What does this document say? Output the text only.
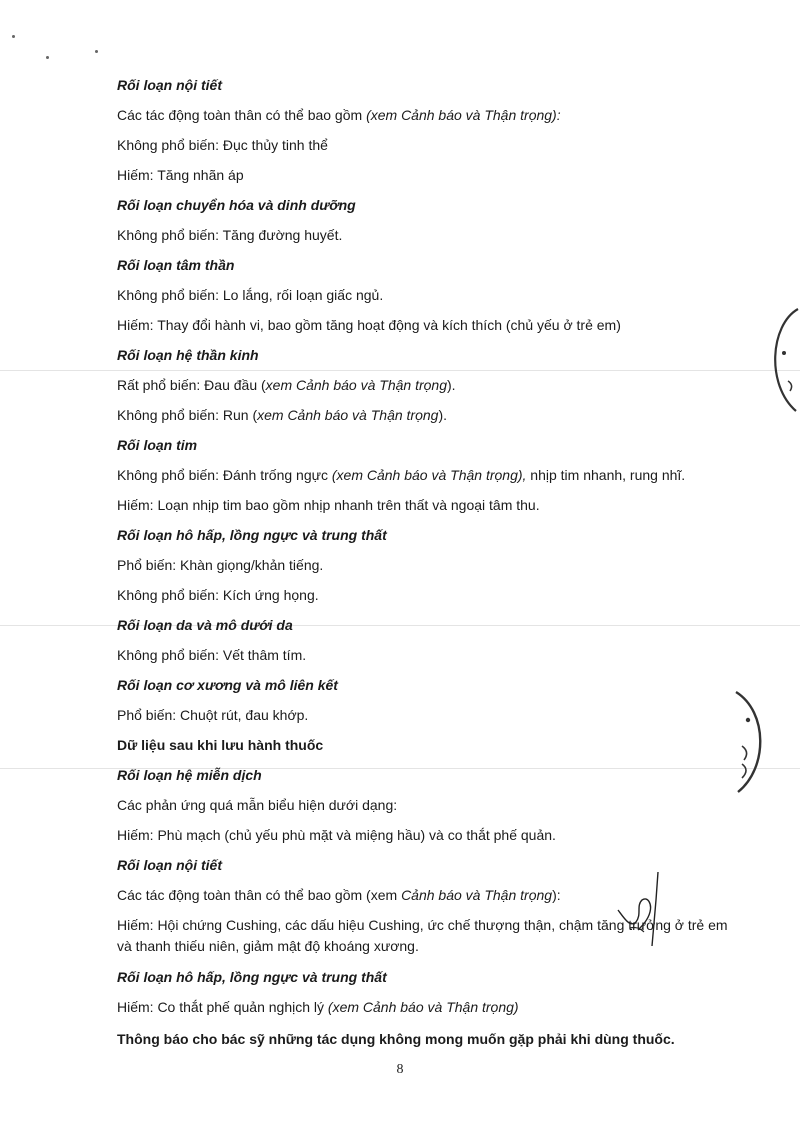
Rối loạn nội tiết

Các tác động toàn thân có thể bao gồm (xem Cảnh báo và Thận trọng):

Không phổ biến: Đục thủy tinh thể

Hiếm: Tăng nhãn áp

Rối loạn chuyển hóa và dinh dưỡng

Không phổ biến: Tăng đường huyết.

Rối loạn tâm thần

Không phổ biến: Lo lắng, rối loạn giấc ngủ.

Hiếm: Thay đổi hành vi, bao gồm tăng hoạt động và kích thích (chủ yếu ở trẻ em)

Rối loạn hệ thần kinh

Rất phổ biến: Đau đầu (xem Cảnh báo và Thận trọng).

Không phổ biến: Run (xem Cảnh báo và Thận trọng).

Rối loạn tim

Không phổ biến: Đánh trống ngực (xem Cảnh báo và Thận trọng), nhịp tim nhanh, rung nhĩ.

Hiếm: Loạn nhịp tim bao gồm nhịp nhanh trên thất và ngoại tâm thu.

Rối loạn hô hấp, lồng ngực và trung thất

Phổ biến: Khàn giọng/khản tiếng.

Không phổ biến: Kích ứng họng.

Rối loạn da và mô dưới da

Không phổ biến: Vết thâm tím.

Rối loạn cơ xương và mô liên kết

Phổ biến: Chuột rút, đau khớp.

Dữ liệu sau khi lưu hành thuốc

Rối loạn hệ miễn dịch

Các phản ứng quá mẫn biểu hiện dưới dạng:

Hiếm: Phù mạch (chủ yếu phù mặt và miệng hầu) và co thắt phế quản.

Rối loạn nội tiết

Các tác động toàn thân có thể bao gồm (xem Cảnh báo và Thận trọng):

Hiếm: Hội chứng Cushing, các dấu hiệu Cushing, ức chế thượng thận, chậm tăng trưởng ở trẻ em và thanh thiếu niên, giảm mật độ khoáng xương.

Rối loạn hô hấp, lồng ngực và trung thất

Hiếm: Co thắt phế quản nghịch lý (xem Cảnh báo và Thận trọng)

Thông báo cho bác sỹ những tác dụng không mong muốn gặp phải khi dùng thuốc.

8
